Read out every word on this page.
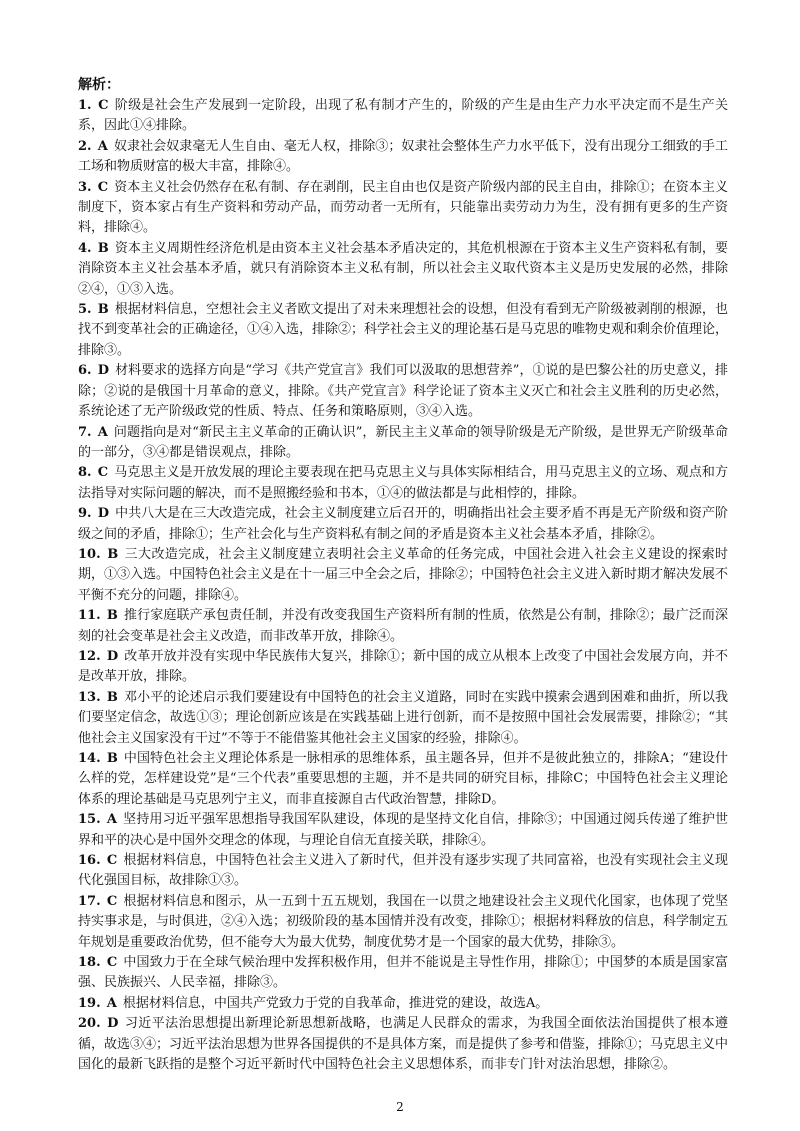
解析：

1. C 阶级是社会生产发展到一定阶段，出现了私有制才产生的，阶级的产生是由生产力水平决定而不是生产关系，因此①④排除。

2. A 奴隶社会奴隶毫无人生自由、毫无人权，排除③；奴隶社会整体生产力水平低下，没有出现分工细致的手工工场和物质财富的极大丰富，排除④。

3. C 资本主义社会仍然存在私有制、存在剥削，民主自由也仅是资产阶级内部的民主自由，排除①；在资本主义制度下，资本家占有生产资料和劳动产品，而劳动者一无所有，只能靠出卖劳动力为生，没有拥有更多的生产资料，排除④。

4. B 资本主义周期性经济危机是由资本主义社会基本矛盾决定的，其危机根源在于资本主义生产资料私有制，要消除资本主义社会基本矛盾，就只有消除资本主义私有制，所以社会主义取代资本主义是历史发展的必然，排除②④，①③入选。

5. B 根据材料信息，空想社会主义者欧文提出了对未来理想社会的设想，但没有看到无产阶级被剥削的根源，也找不到变革社会的正确途径，①④入选，排除②；科学社会主义的理论基石是马克思的唯物史观和剩余价值理论，排除③。

6. D 材料要求的选择方向是“学习《共产党宣言》我们可以汲取的思想营养”，①说的是巴黎公社的历史意义，排除；②说的是俄国十月革命的意义，排除。《共产党宣言》科学论证了资本主义灭亡和社会主义胜利的历史必然，系统论述了无产阶级政党的性质、特点、任务和策略原则，③④入选。

7. A 问题指向是对“新民主主义革命的正确认识”，新民主主义革命的领导阶级是无产阶级，是世界无产阶级革命的一部分，③④都是错误观点，排除。

8. C 马克思主义是开放发展的理论主要表现在把马克思主义与具体实际相结合，用马克思主义的立场、观点和方法指导对实际问题的解决，而不是照搬经验和书本，①④的做法都是与此相悖的，排除。

9. D 中共八大是在三大改造完成，社会主义制度建立后召开的，明确指出社会主要矛盾不再是无产阶级和资产阶级之间的矛盾，排除①；生产社会化与生产资料私有制之间的矛盾是资本主义社会基本矛盾，排除②。

10. B 三大改造完成，社会主义制度建立表明社会主义革命的任务完成，中国社会进入社会主义建设的探索时期，①③入选。中国特色社会主义是在十一届三中全会之后，排除②；中国特色社会主义进入新时期才解决发展不平衡不充分的问题，排除④。

11. B 推行家庭联产承包责任制，并没有改变我国生产资料所有制的性质，依然是公有制，排除②；最广泛而深刻的社会变革是社会主义改造，而非改革开放，排除④。

12. D 改革开放并没有实现中华民族伟大复兴，排除①；新中国的成立从根本上改变了中国社会发展方向，并不是改革开放，排除。

13. B 邓小平的论述启示我们要建设有中国特色的社会主义道路，同时在实践中摸索会遇到困难和曲折，所以我们要坚定信念，故选①③；理论创新应该是在实践基础上进行创新，而不是按照中国社会发展需要，排除②；“其他社会主义国家没有干过”不等于不能借鉴其他社会主义国家的经验，排除④。

14. B 中国特色社会主义理论体系是一脉相承的思维体系，虽主题各异，但并不是彼此独立的，排除A；“建设什么样的党，怎样建设党”是“三个代表”重要思想的主题，并不是共同的研究目标，排除C；中国特色社会主义理论体系的理论基础是马克思列宁主义，而非直接源自古代政治智慧，排除D。

15. A 坚持用习近平强军思想指导我国军队建设，体现的是坚持文化自信，排除③；中国通过阅兵传递了维护世界和平的决心是中国外交理念的体现，与理论自信无直接关联，排除④。

16. C 根据材料信息，中国特色社会主义进入了新时代，但并没有逐步实现了共同富裕，也没有实现社会主义现代化强国目标，故排除①③。

17. C 根据材料信息和图示，从一五到十五五规划，我国在一以贯之地建设社会主义现代化国家，也体现了党坚持实事求是，与时俱进，②④入选；初级阶段的基本国情并没有改变，排除①；根据材料释放的信息，科学制定五年规划是重要政治优势，但不能夸大为最大优势，制度优势才是一个国家的最大优势，排除③。

18. C 中国致力于在全球气候治理中发挥积极作用，但并不能说是主导性作用，排除①；中国梦的本质是国家富强、民族振兴、人民幸福，排除③。

19. A 根据材料信息，中国共产党致力于党的自我革命，推进党的建设，故选A。

20. D 习近平法治思想提出新理论新思想新战略，也满足人民群众的需求，为我国全面依法治国提供了根本遵循，故选③④；习近平法治思想为世界各国提供的不是具体方案，而是提供了参考和借鉴，排除①；马克思主义中国化的最新飞跃指的是整个习近平新时代中国特色社会主义思想体系，而非专门针对法治思想，排除②。

2
